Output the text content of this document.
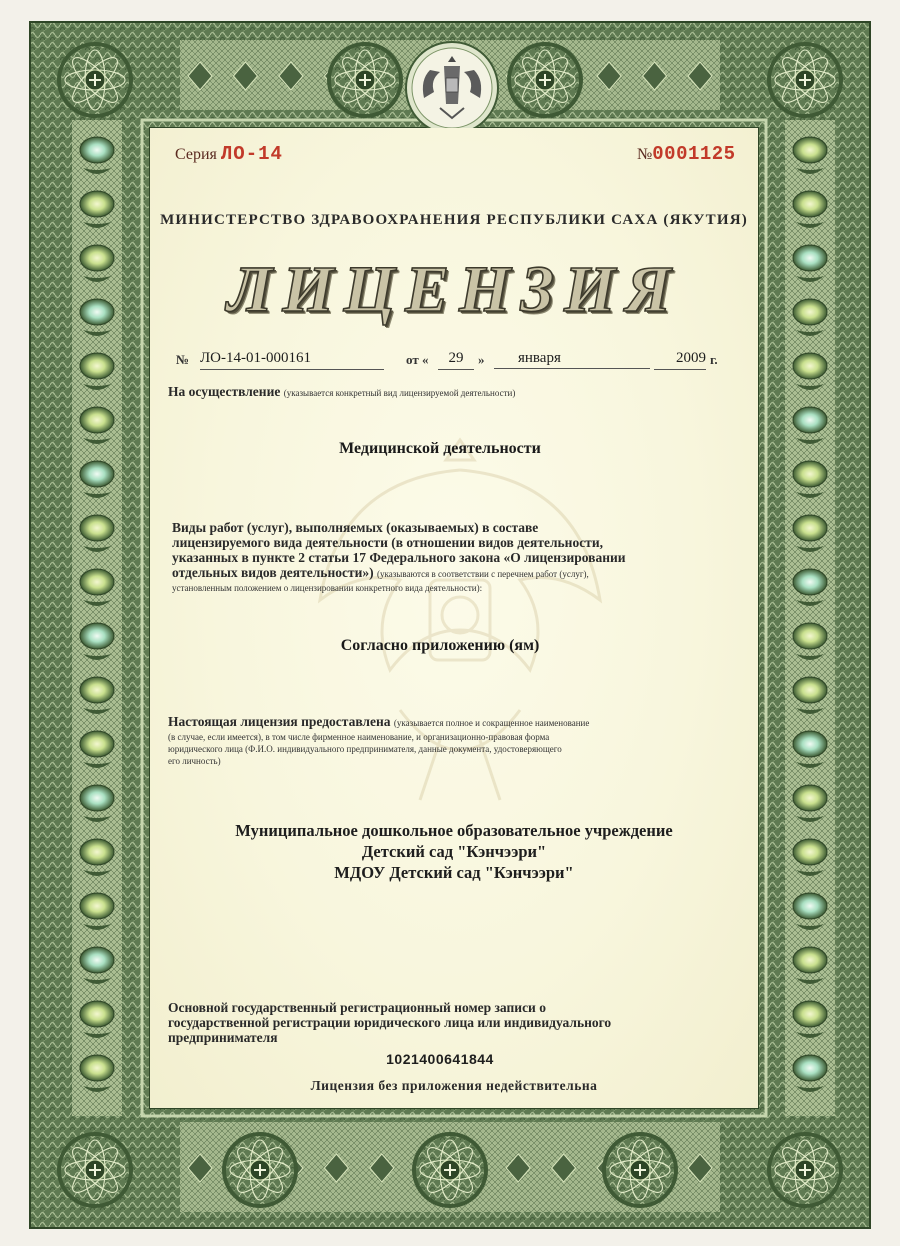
Серия ЛО-14	№0001125
МИНИСТЕРСТВО ЗДРАВООХРАНЕНИЯ РЕСПУБЛИКИ САХА (ЯКУТИЯ)
ЛИЦЕНЗИЯ
№ ЛО-14-01-000161	от «	29	»	января	2009 г.
На осуществление (указывается конкретный вид лицензируемой деятельности)
Медицинской деятельности
Виды работ (услуг), выполняемых (оказываемых) в составе
лицензируемого вида деятельности (в отношении видов деятельности,
указанных в пункте 2 статьи 17 Федерального закона «О лицензировании
отдельных видов деятельности») (указываются в соответствии с перечнем работ (услуг),
установленным положением о лицензировании конкретного вида деятельности):
Согласно приложению (ям)
Настоящая лицензия предоставлена (указывается полное и сокращенное наименование
(в случае, если имеется), в том числе фирменное наименование, и организационно-правовая форма
юридического лица (Ф.И.О. индивидуального предпринимателя, данные документа, удостоверяющего
его личность)
Муниципальное дошкольное образовательное учреждение
Детский сад "Кэнчээри"
МДОУ Детский сад "Кэнчээри"
Основной государственный регистрационный номер записи о
государственной регистрации юридического лица или индивидуального
предпринимателя
1021400641844
Лицензия без приложения недействительна
